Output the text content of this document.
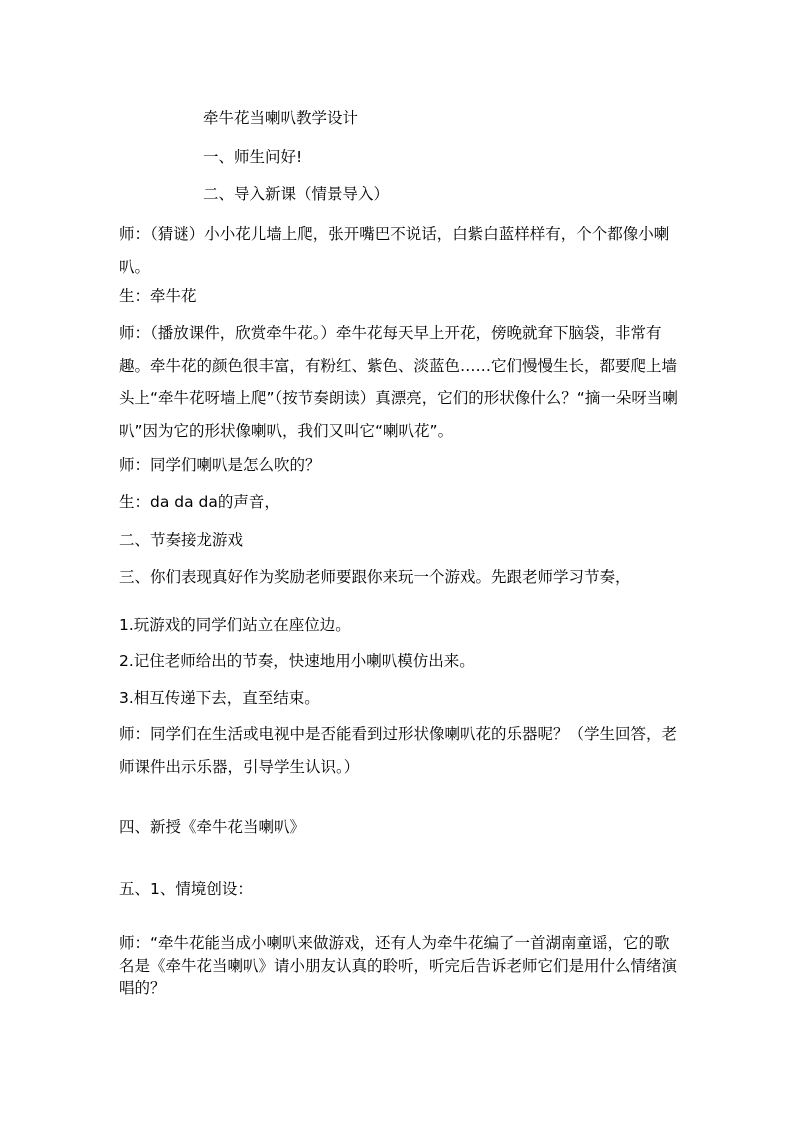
牵牛花当喇叭教学设计
一、师生问好!
二、导入新课（情景导入）
师：（猜谜）小小花儿墙上爬，张开嘴巴不说话，白紫白蓝样样有，个个都像小喇叭。
生：牵牛花
师：（播放课件，欣赏牵牛花。）牵牛花每天早上开花，傍晚就耷下脑袋，非常有趣。牵牛花的颜色很丰富，有粉红、紫色、淡蓝色……它们慢慢生长，都要爬上墙头上“牵牛花呀墙上爬”（按节奏朗读）真漂亮，它们的形状像什么？“摘一朵呀当喇叭”因为它的形状像喇叭，我们又叫它“喇叭花”。
师：同学们喇叭是怎么吹的？
生：da da da的声音，
二、节奏接龙游戏
三、你们表现真好作为奖励老师要跟你来玩一个游戏。先跟老师学习节奏，
1.玩游戏的同学们站立在座位边。
2.记住老师给出的节奏，快速地用小喇叭模仿出来。
3.相互传递下去，直至结束。
师：同学们在生活或电视中是否能看到过形状像喇叭花的乐器呢？（学生回答，老师课件出示乐器，引导学生认识。）
四、新授《牵牛花当喇叭》
五、1、情境创设：
师：“牵牛花能当成小喇叭来做游戏，还有人为牵牛花编了一首湖南童谣，它的歌名是《牵牛花当喇叭》请小朋友认真的聆听，听完后告诉老师它们是用什么情绪演唱的？
